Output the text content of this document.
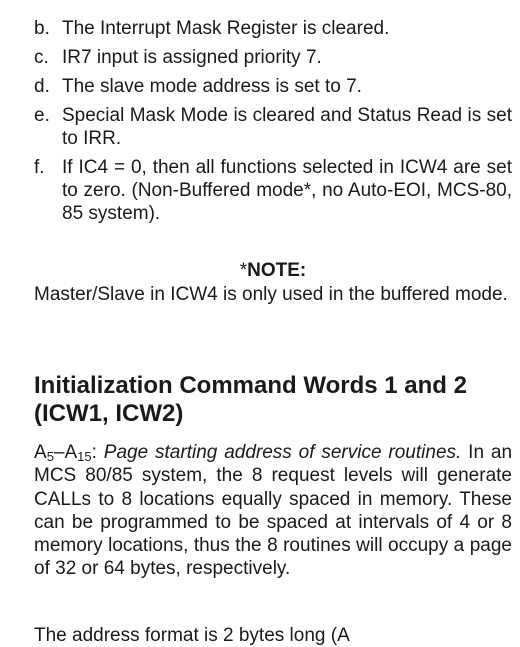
b. The Interrupt Mask Register is cleared.
c. IR7 input is assigned priority 7.
d. The slave mode address is set to 7.
e. Special Mask Mode is cleared and Status Read is set to IRR.
f. If IC4 = 0, then all functions selected in ICW4 are set to zero. (Non-Buffered mode*, no Auto-EOI, MCS-80, 85 system).
*NOTE:
Master/Slave in ICW4 is only used in the buffered mode.
Initialization Command Words 1 and 2 (ICW1, ICW2)
$A_5-A_{15}$: Page starting address of service routines. In an MCS 80/85 system, the 8 request levels will generate CALLs to 8 locations equally spaced in memory. These can be programmed to be spaced at intervals of 4 or 8 memory locations, thus the 8 routines will occupy a page of 32 or 64 bytes, respectively.
The address format is 2 bytes long (A
